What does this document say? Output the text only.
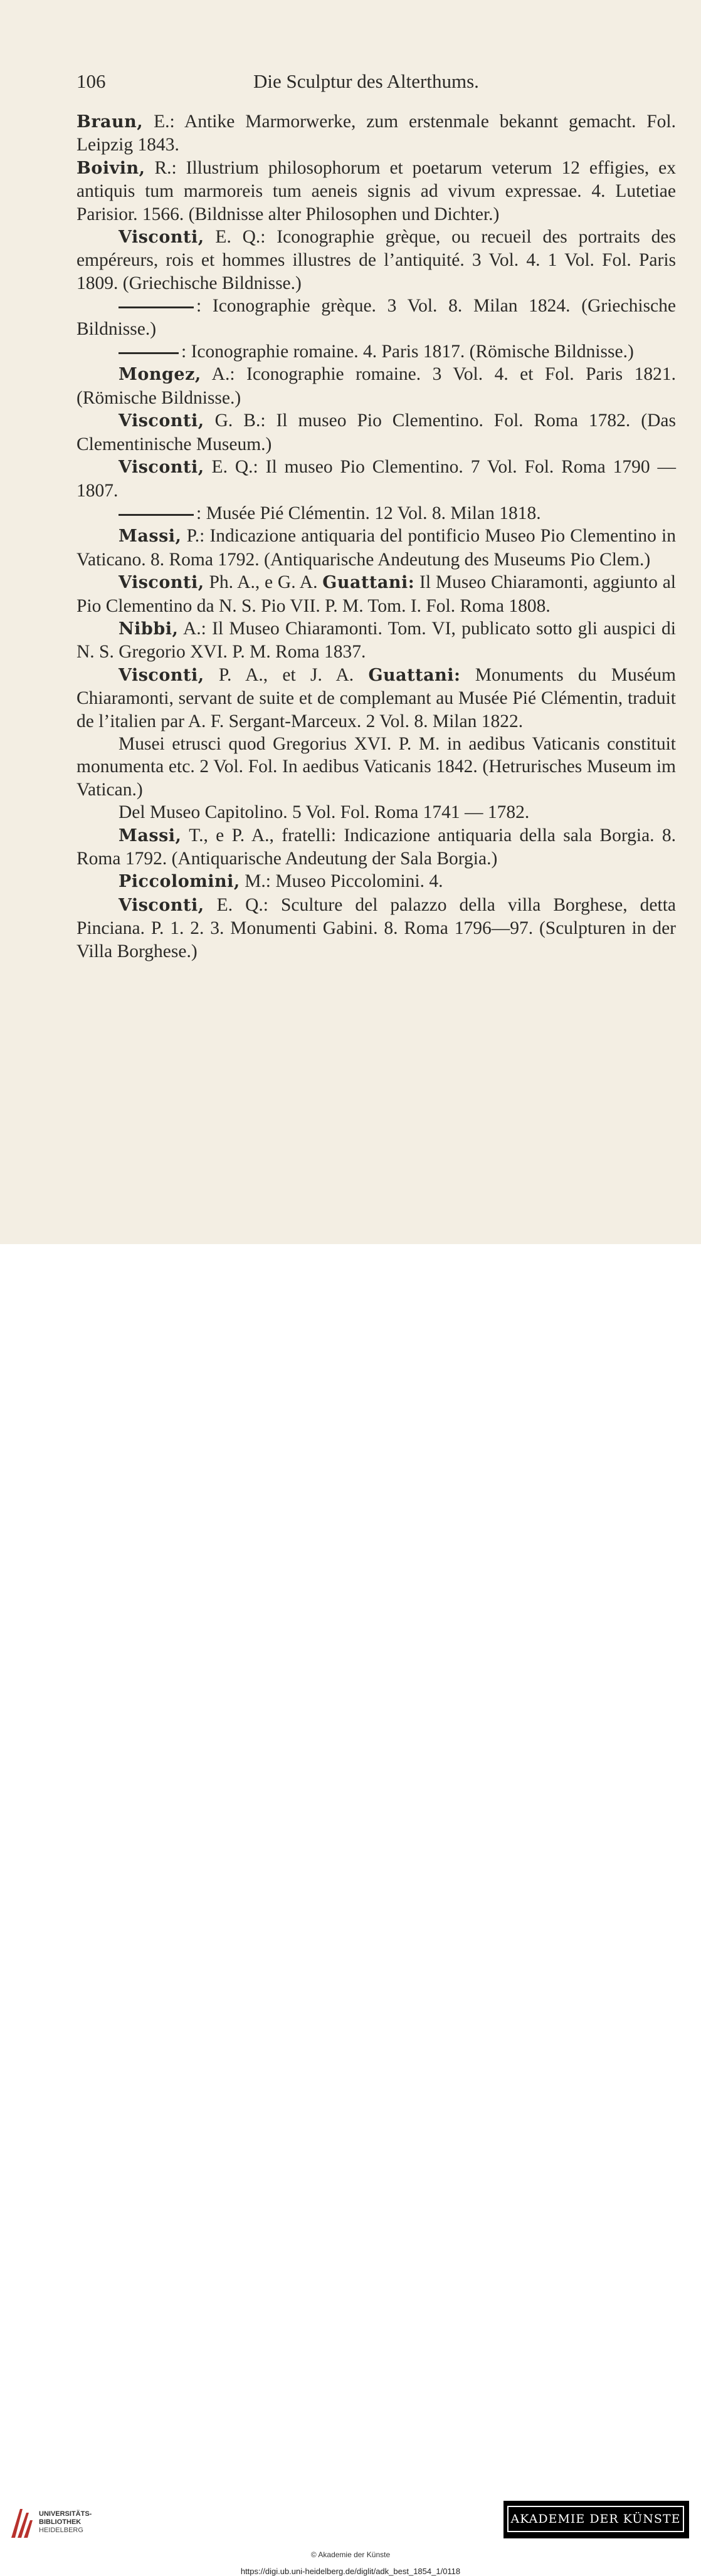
106	Die Sculptur des Alterthums.

Braun, E.: Antike Marmorwerke, zum erstenmale bekannt gemacht. Fol. Leipzig 1843.

Boivin, R.: Illustrium philosophorum et poetarum veterum 12 effigies, ex antiquis tum marmoreis tum aeneis signis ad vivum expressae. 4. Lutetiae Parisior. 1566. (Bildnisse alter Philosophen und Dichter.)

Visconti, E. Q.: Iconographie grèque, ou recueil des portraits des empéreurs, rois et hommes illustres de l’antiquité. 3 Vol. 4. 1 Vol. Fol. Paris 1809. (Griechische Bildnisse.)

: Iconographie grèque. 3 Vol. 8. Milan 1824. (Griechische Bildnisse.)

: Iconographie romaine. 4. Paris 1817. (Römische Bildnisse.)

Mongez, A.: Iconographie romaine. 3 Vol. 4. et Fol. Paris 1821. (Römische Bildnisse.)

Visconti, G. B.: Il museo Pio Clementino. Fol. Roma 1782. (Das Clementinische Museum.)

Visconti, E. Q.: Il museo Pio Clementino. 7 Vol. Fol. Roma 1790 — 1807.

: Musée Pié Clémentin. 12 Vol. 8. Milan 1818.

Massi, P.: Indicazione antiquaria del pontificio Museo Pio Clementino in Vaticano. 8. Roma 1792. (Antiquarische Andeutung des Museums Pio Clem.)

Visconti, Ph. A., e G. A. Guattani: Il Museo Chiaramonti, aggiunto al Pio Clementino da N. S. Pio VII. P. M. Tom. I. Fol. Roma 1808.

Nibbi, A.: Il Museo Chiaramonti. Tom. VI, publicato sotto gli auspici di N. S. Gregorio XVI. P. M. Roma 1837.

Visconti, P. A., et J. A. Guattani: Monuments du Muséum Chiaramonti, servant de suite et de complemant au Musée Pié Clémentin, traduit de l’italien par A. F. Sergant-Marceux. 2 Vol. 8. Milan 1822.

Musei etrusci quod Gregorius XVI. P. M. in aedibus Vaticanis constituit monumenta etc. 2 Vol. Fol. In aedibus Vaticanis 1842. (Hetrurisches Museum im Vatican.)

Del Museo Capitolino. 5 Vol. Fol. Roma 1741 — 1782.

Massi, T., e P. A., fratelli: Indicazione antiquaria della sala Borgia. 8. Roma 1792. (Antiquarische Andeutung der Sala Borgia.)

Piccolomini, M.: Museo Piccolomini. 4.

Visconti, E. Q.: Sculture del palazzo della villa Borghese, detta Pinciana. P. 1. 2. 3. Monumenti Gabini. 8. Roma 1796—97. (Sculpturen in der Villa Borghese.)

UNIVERSITÄTS-
BIBLIOTHEK
HEIDELBERG
AKADEMIE DER KÜNSTE
© Akademie der Künste
https://digi.ub.uni-heidelberg.de/diglit/adk_best_1854_1/0118
